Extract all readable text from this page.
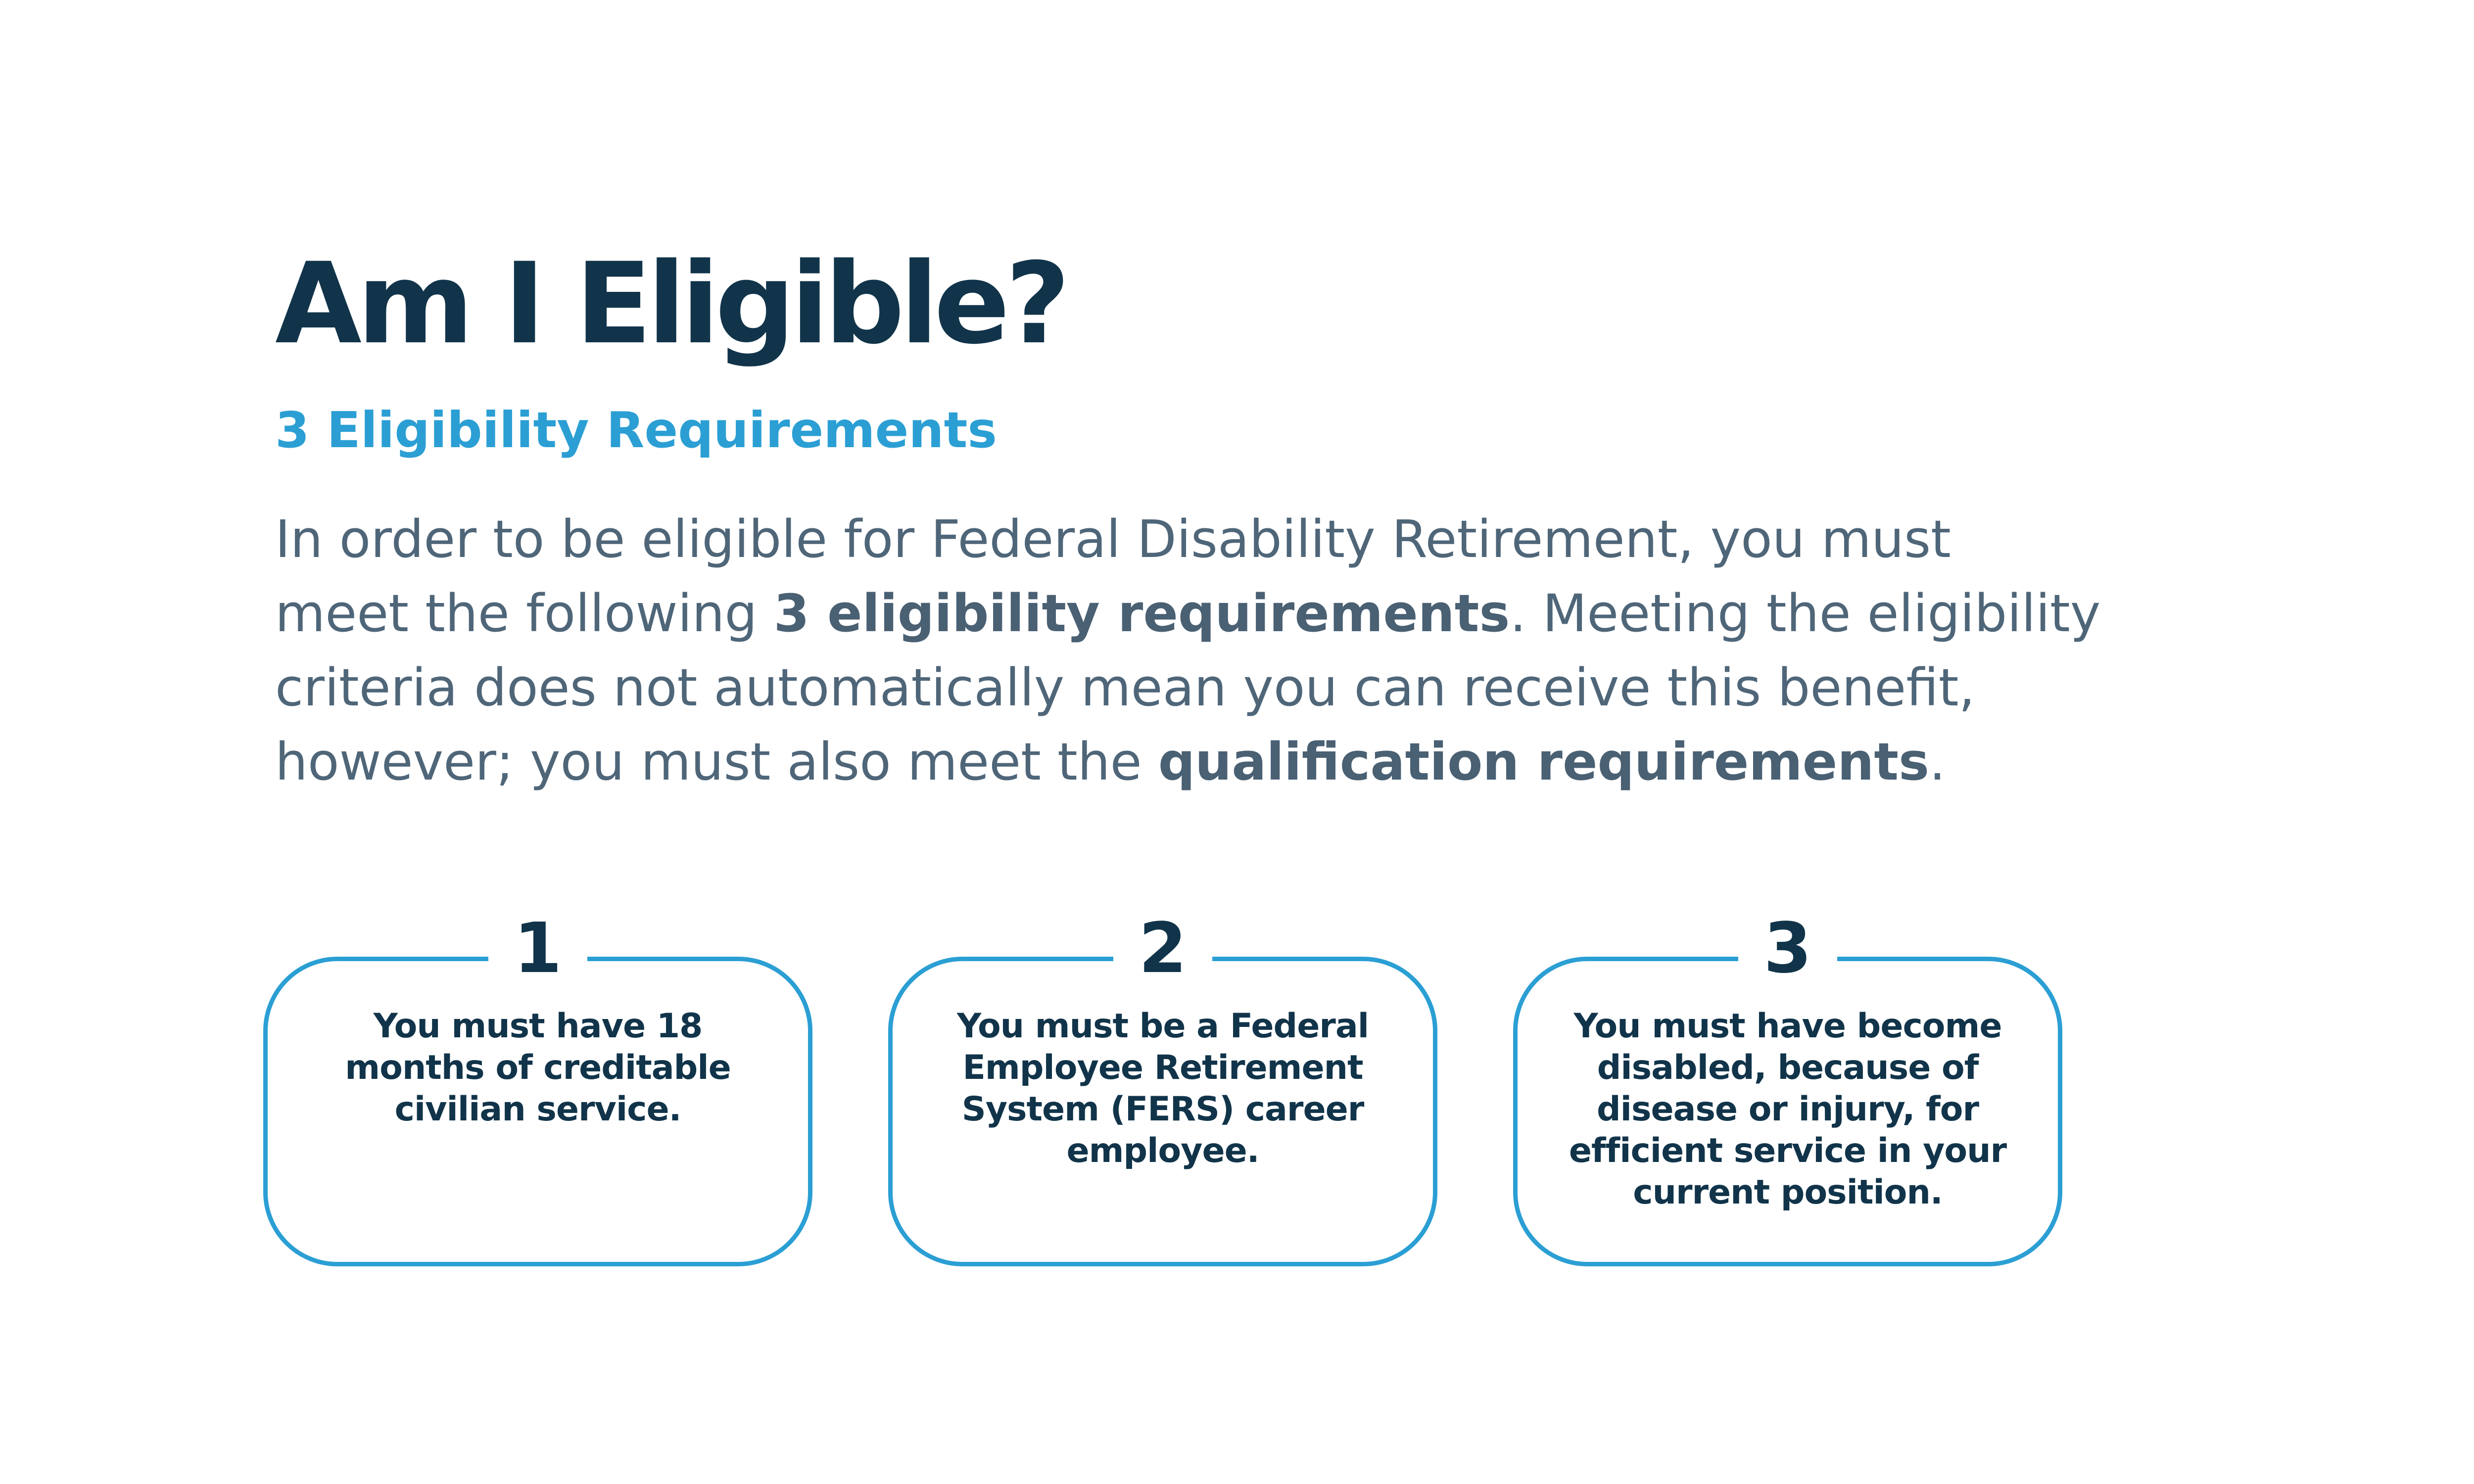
Am I Eligible?
3 Eligibility Requirements

In order to be eligible for Federal Disability Retirement, you must
meet the following 3 eligibility requirements. Meeting the eligibility
criteria does not automatically mean you can receive this benefit,
however; you must also meet the qualification requirements.

1
You must have 18
months of creditable
civilian service.
2
You must be a Federal
Employee Retirement
System (FERS) career
employee.
3
You must have become
disabled, because of
disease or injury, for
efficient service in your
current position.
